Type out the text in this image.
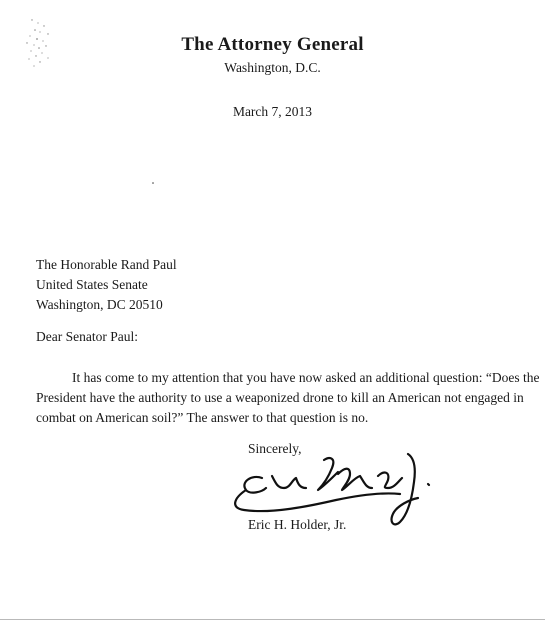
The Attorney General
Washington, D.C.
March 7, 2013
The Honorable Rand Paul
United States Senate
Washington, DC 20510
Dear Senator Paul:
It has come to my attention that you have now asked an additional question: “Does the
President have the authority to use a weaponized drone to kill an American not engaged in
combat on American soil?” The answer to that question is no.
Sincerely,
Eric H. Holder, Jr.
